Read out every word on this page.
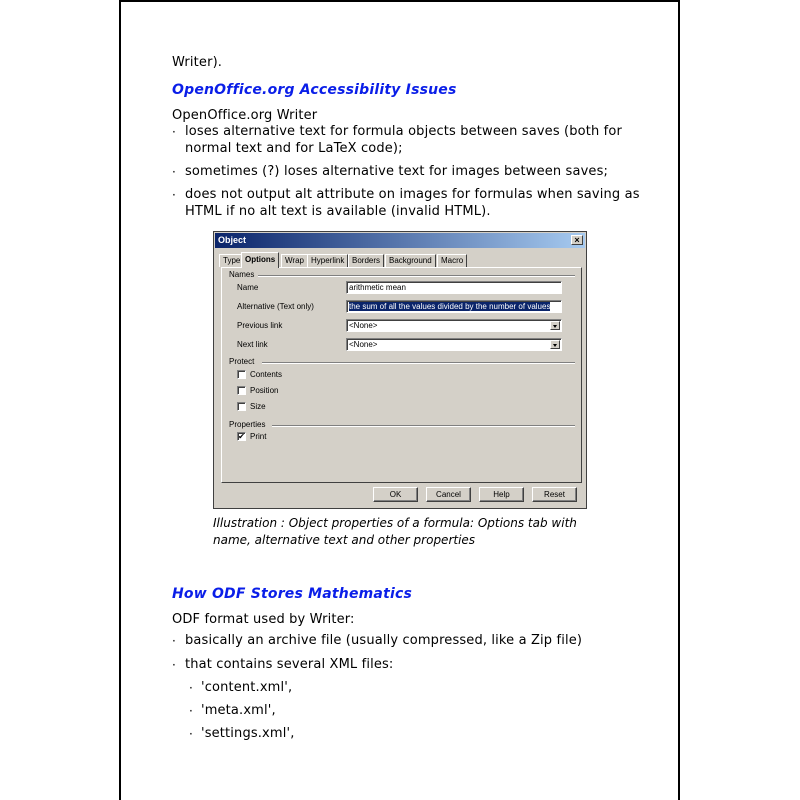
Writer).
OpenOffice.org Accessibility Issues
OpenOffice.org Writer
· loses alternative text for formula objects between saves (both for
normal text and for LaTeX code);
· sometimes (?) loses alternative text for images between saves;
· does not output alt attribute on images for formulas when saving as
HTML if no alt text is available (invalid HTML).
Object	×
Type Options	Wrap Hyperlink Borders	Background	Macro
Names
Name	arithmetic mean
Alternative (Text only)	the sum of all the values divided by the number of values
Previous link	<None>
Next link	<None>
Protect
Contents
Position
Size
Properties
✔ Print
OK	Cancel	Help	Reset
Illustration : Object properties of a formula: Options tab with
name, alternative text and other properties
How ODF Stores Mathematics
ODF format used by Writer:
· basically an archive file (usually compressed, like a Zip file)
· that contains several XML files:
· 'content.xml',
· 'meta.xml',
· 'settings.xml',
